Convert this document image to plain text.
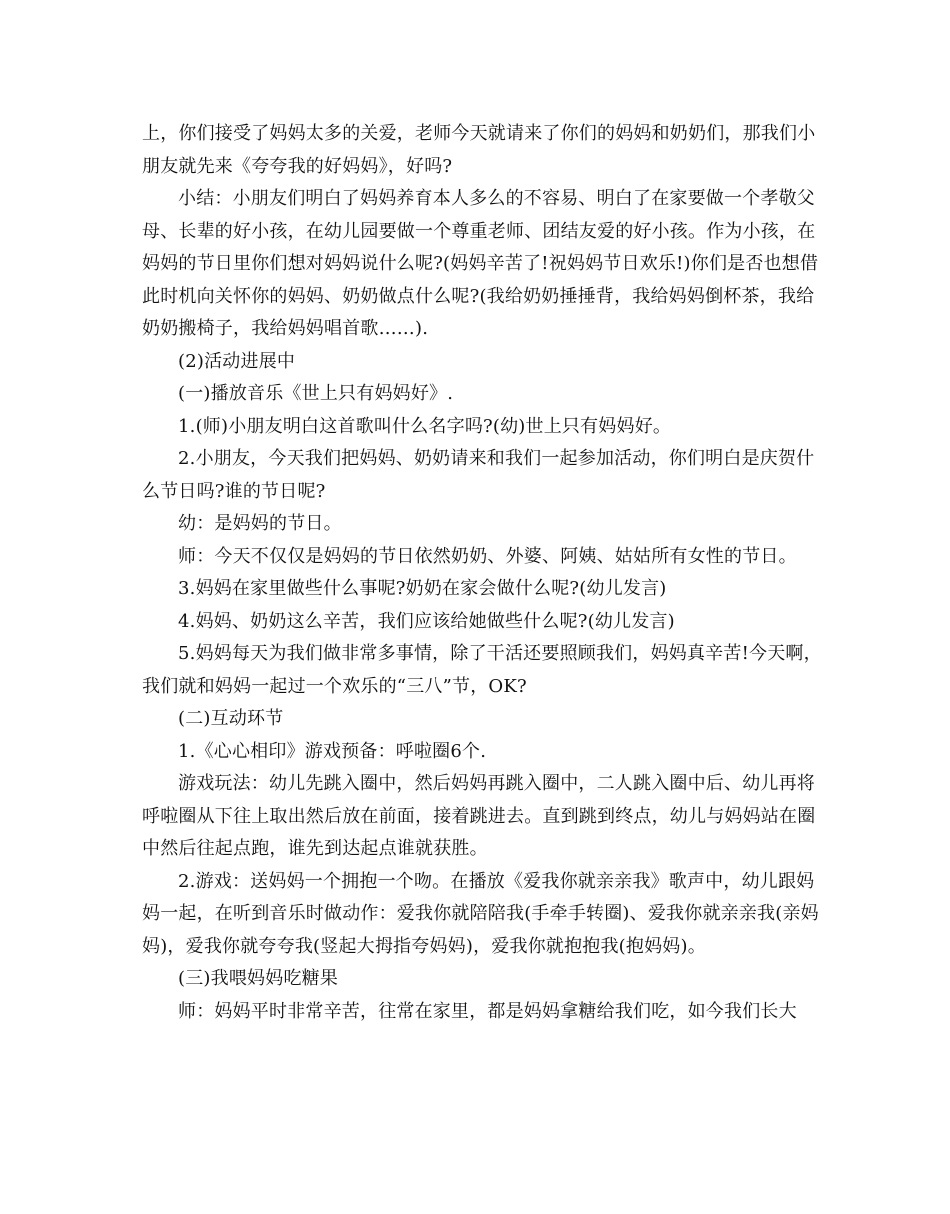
上，你们接受了妈妈太多的关爱，老师今天就请来了你们的妈妈和奶奶们，那我们小朋友就先来《夸夸我的好妈妈》，好吗?

小结：小朋友们明白了妈妈养育本人多么的不容易、明白了在家要做一个孝敬父母、长辈的好小孩，在幼儿园要做一个尊重老师、团结友爱的好小孩。作为小孩，在妈妈的节日里你们想对妈妈说什么呢?(妈妈辛苦了!祝妈妈节日欢乐!)你们是否也想借此时机向关怀你的妈妈、奶奶做点什么呢?(我给奶奶捶捶背，我给妈妈倒杯茶，我给奶奶搬椅子，我给妈妈唱首歌……).

(2)活动进展中

(一)播放音乐《世上只有妈妈好》.

1.(师)小朋友明白这首歌叫什么名字吗?(幼)世上只有妈妈好。

2.小朋友，今天我们把妈妈、奶奶请来和我们一起参加活动，你们明白是庆贺什么节日吗?谁的节日呢?

幼：是妈妈的节日。

师：今天不仅仅是妈妈的节日依然奶奶、外婆、阿姨、姑姑所有女性的节日。

3.妈妈在家里做些什么事呢?奶奶在家会做什么呢?(幼儿发言)

4.妈妈、奶奶这么辛苦，我们应该给她做些什么呢?(幼儿发言)

5.妈妈每天为我们做非常多事情，除了干活还要照顾我们，妈妈真辛苦!今天啊，我们就和妈妈一起过一个欢乐的“三八”节，OK?

(二)互动环节

1.《心心相印》游戏预备：呼啦圈6个.

游戏玩法：幼儿先跳入圈中，然后妈妈再跳入圈中，二人跳入圈中后、幼儿再将呼啦圈从下往上取出然后放在前面，接着跳进去。直到跳到终点，幼儿与妈妈站在圈中然后往起点跑，谁先到达起点谁就获胜。

2.游戏：送妈妈一个拥抱一个吻。在播放《爱我你就亲亲我》歌声中，幼儿跟妈妈一起，在听到音乐时做动作：爱我你就陪陪我(手牵手转圈)、爱我你就亲亲我(亲妈妈)，爱我你就夸夸我(竖起大拇指夸妈妈)，爱我你就抱抱我(抱妈妈)。

(三)我喂妈妈吃糖果

师：妈妈平时非常辛苦，往常在家里，都是妈妈拿糖给我们吃，如今我们长大
